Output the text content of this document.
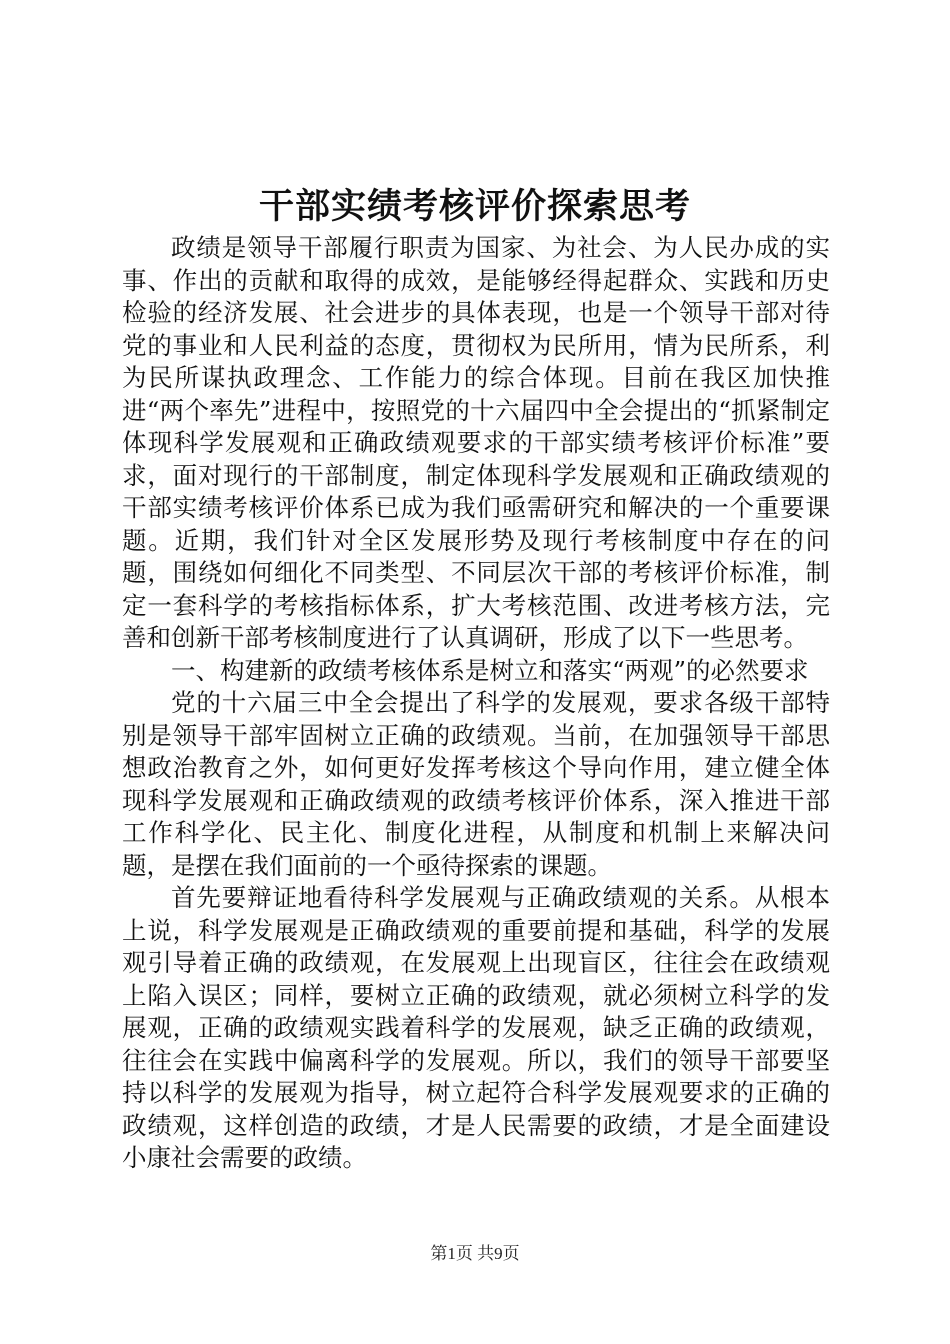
干部实绩考核评价探索思考

政绩是领导干部履行职责为国家、为社会、为人民办成的实事、作出的贡献和取得的成效，是能够经得起群众、实践和历史检验的经济发展、社会进步的具体表现，也是一个领导干部对待党的事业和人民利益的态度，贯彻权为民所用，情为民所系，利为民所谋执政理念、工作能力的综合体现。目前在我区加快推进“两个率先”进程中，按照党的十六届四中全会提出的“抓紧制定体现科学发展观和正确政绩观要求的干部实绩考核评价标准”要求，面对现行的干部制度，制定体现科学发展观和正确政绩观的干部实绩考核评价体系已成为我们亟需研究和解决的一个重要课题。近期，我们针对全区发展形势及现行考核制度中存在的问题，围绕如何细化不同类型、不同层次干部的考核评价标准，制定一套科学的考核指标体系，扩大考核范围、改进考核方法，完善和创新干部考核制度进行了认真调研，形成了以下一些思考。

一、构建新的政绩考核体系是树立和落实“两观”的必然要求

党的十六届三中全会提出了科学的发展观，要求各级干部特别是领导干部牢固树立正确的政绩观。当前，在加强领导干部思想政治教育之外，如何更好发挥考核这个导向作用，建立健全体现科学发展观和正确政绩观的政绩考核评价体系，深入推进干部工作科学化、民主化、制度化进程，从制度和机制上来解决问题，是摆在我们面前的一个亟待探索的课题。

首先要辩证地看待科学发展观与正确政绩观的关系。从根本上说，科学发展观是正确政绩观的重要前提和基础，科学的发展观引导着正确的政绩观，在发展观上出现盲区，往往会在政绩观上陷入误区；同样，要树立正确的政绩观，就必须树立科学的发展观，正确的政绩观实践着科学的发展观，缺乏正确的政绩观，往往会在实践中偏离科学的发展观。所以，我们的领导干部要坚持以科学的发展观为指导，树立起符合科学发展观要求的正确的政绩观，这样创造的政绩，才是人民需要的政绩，才是全面建设小康社会需要的政绩。

第1页 共9页
